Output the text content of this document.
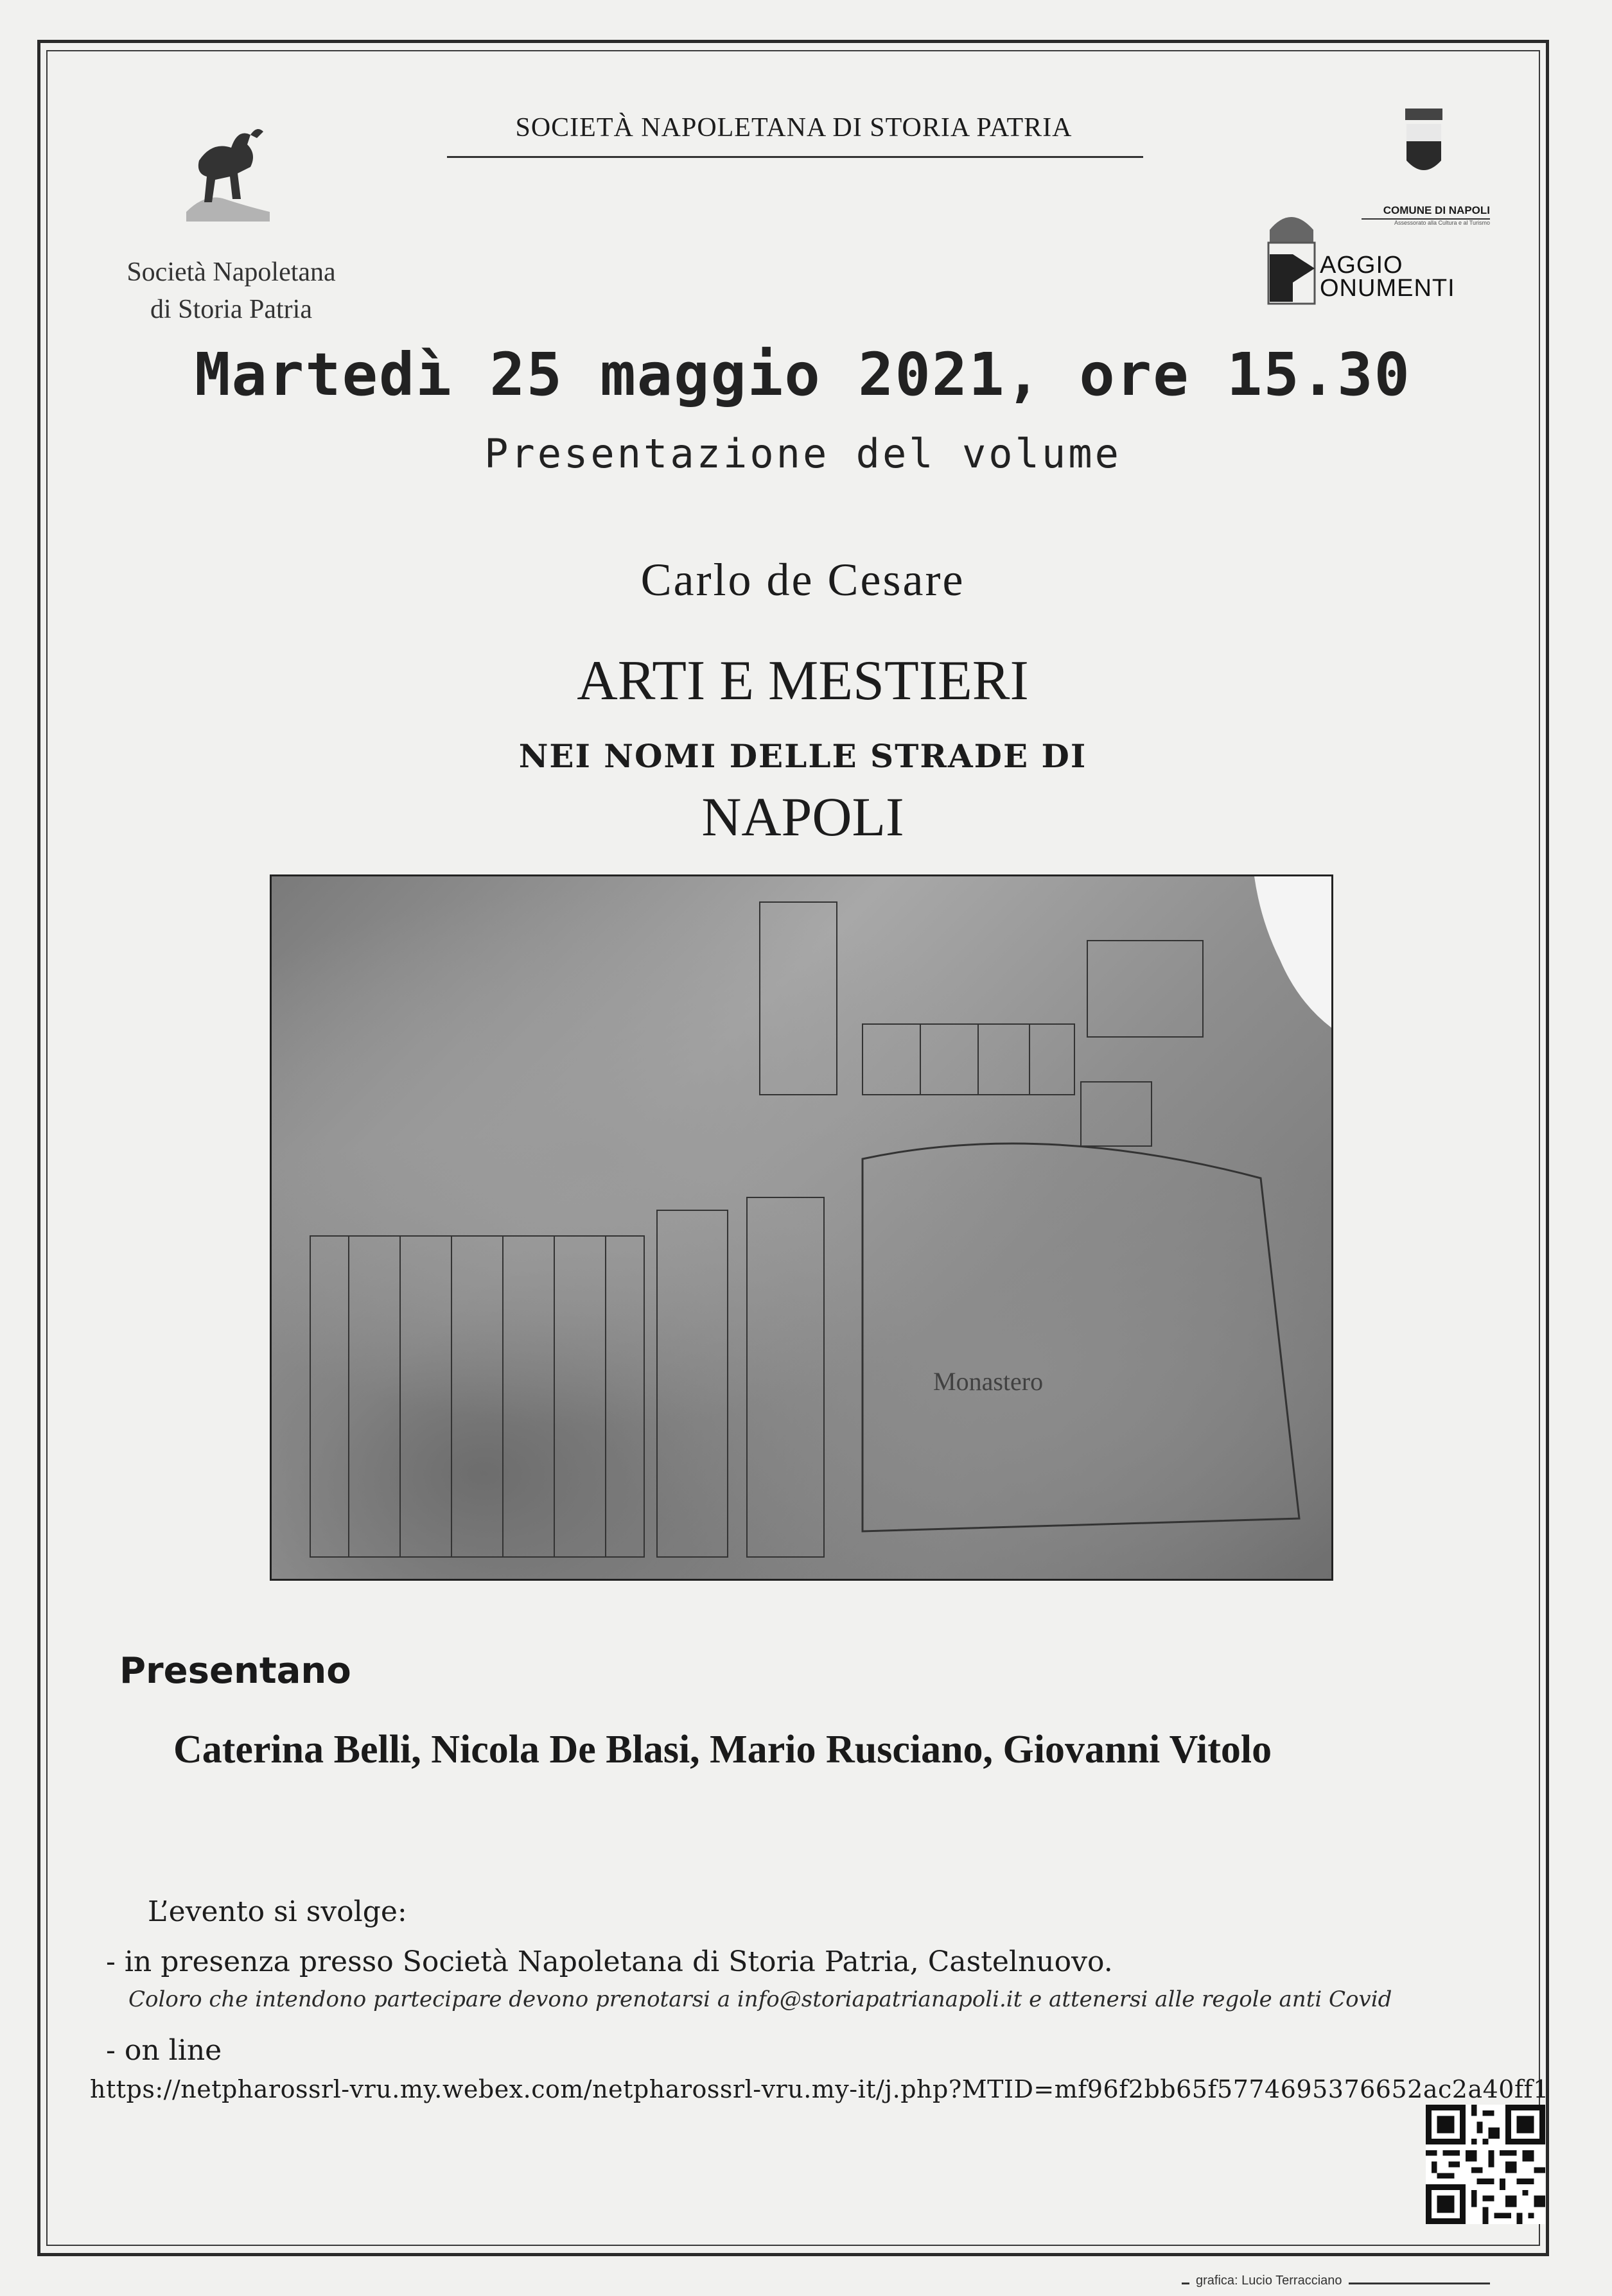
Società Napoletana
di Storia Patria
SOCIETÀ NAPOLETANA DI STORIA PATRIA
COMUNE DI NAPOLI
Assessorato alla Cultura e al Turismo
AGGIO
ONUMENTI
Martedì 25 maggio 2021, ore 15.30
Presentazione del volume
Carlo de Cesare
ARTI E MESTIERI
NEI NOMI DELLE STRADE DI
NAPOLI
Monastero
Presentano
Caterina Belli, Nicola De Blasi, Mario Rusciano, Giovanni Vitolo
L’evento si svolge:
- in presenza presso Società Napoletana di Storia Patria, Castelnuovo.
Coloro che intendono partecipare devono prenotarsi a info@storiapatrianapoli.it e attenersi alle regole anti Covid
- on line
https://netpharossrl-vru.my.webex.com/netpharossrl-vru.my-it/j.php?MTID=mf96f2bb65f5774695376652ac2a40ff1
grafica: Lucio Terracciano
